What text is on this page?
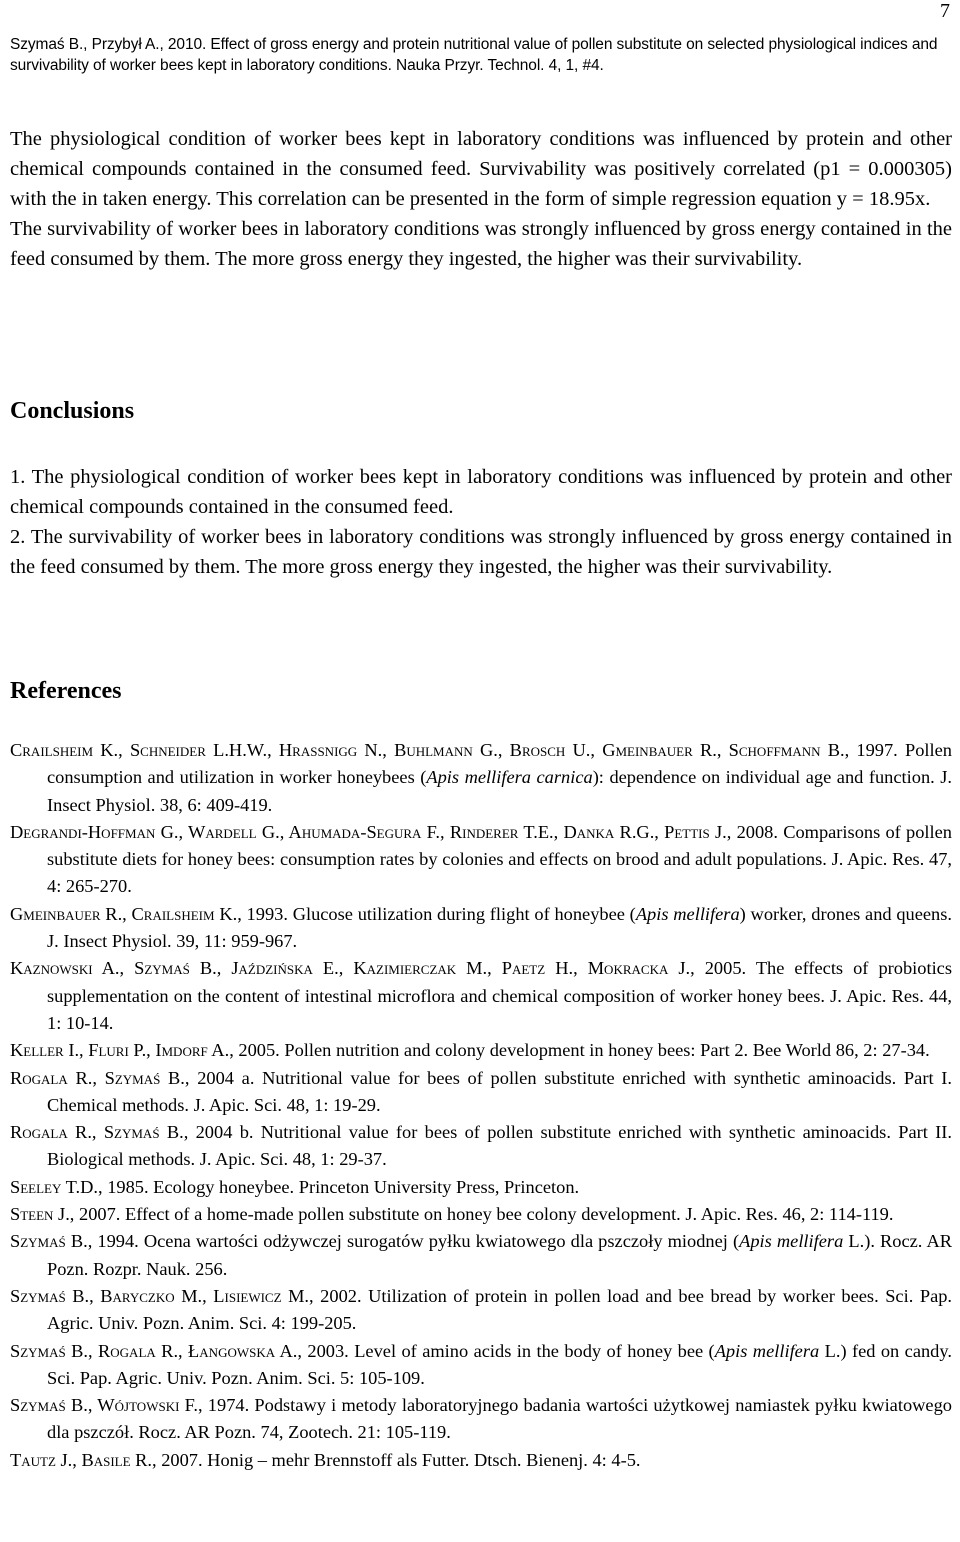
Szymaś B., Przybył A., 2010. Effect of gross energy and protein nutritional value of pollen substitute on selected physiological indices and survivability of worker bees kept in laboratory conditions. Nauka Przyr. Technol. 4, 1, #4.
7

The physiological condition of worker bees kept in laboratory conditions was influenced by protein and other chemical compounds contained in the consumed feed. Survivability was positively correlated (p1 = 0.000305) with the in taken energy. This correlation can be presented in the form of simple regression equation y = 18.95x.

The survivability of worker bees in laboratory conditions was strongly influenced by gross energy contained in the feed consumed by them. The more gross energy they ingested, the higher was their survivability.

Conclusions

1. The physiological condition of worker bees kept in laboratory conditions was influenced by protein and other chemical compounds contained in the consumed feed.

2. The survivability of worker bees in laboratory conditions was strongly influenced by gross energy contained in the feed consumed by them. The more gross energy they ingested, the higher was their survivability.

References
Crailsheim K., Schneider L.H.W., Hrassnigg N., Buhlmann G., Brosch U., Gmeinbauer R., Schoffmann B., 1997. Pollen consumption and utilization in worker honeybees (Apis mellifera carnica): dependence on individual age and function. J. Insect Physiol. 38, 6: 409-419.
Degrandi-Hoffman G., Wardell G., Ahumada-Segura F., Rinderer T.E., Danka R.G., Pettis J., 2008. Comparisons of pollen substitute diets for honey bees: consumption rates by colonies and effects on brood and adult populations. J. Apic. Res. 47, 4: 265-270.
Gmeinbauer R., Crailsheim K., 1993. Glucose utilization during flight of honeybee (Apis mellifera) worker, drones and queens. J. Insect Physiol. 39, 11: 959-967.
Kaznowski A., Szymaś B., Jaździńska E., Kazimierczak M., Paetz H., Mokracka J., 2005. The effects of probiotics supplementation on the content of intestinal microflora and chemical composition of worker honey bees. J. Apic. Res. 44, 1: 10-14.
Keller I., Fluri P., Imdorf A., 2005. Pollen nutrition and colony development in honey bees: Part 2. Bee World 86, 2: 27-34.
Rogala R., Szymaś B., 2004 a. Nutritional value for bees of pollen substitute enriched with synthetic aminoacids. Part I. Chemical methods. J. Apic. Sci. 48, 1: 19-29.
Rogala R., Szymaś B., 2004 b. Nutritional value for bees of pollen substitute enriched with synthetic aminoacids. Part II. Biological methods. J. Apic. Sci. 48, 1: 29-37.
Seeley T.D., 1985. Ecology honeybee. Princeton University Press, Princeton.
Steen J., 2007. Effect of a home-made pollen substitute on honey bee colony development. J. Apic. Res. 46, 2: 114-119.
Szymaś B., 1994. Ocena wartości odżywczej surogatów pyłku kwiatowego dla pszczoły miodnej (Apis mellifera L.). Rocz. AR Pozn. Rozpr. Nauk. 256.
Szymaś B., Baryczko M., Lisiewicz M., 2002. Utilization of protein in pollen load and bee bread by worker bees. Sci. Pap. Agric. Univ. Pozn. Anim. Sci. 4: 199-205.
Szymaś B., Rogala R., Łangowska A., 2003. Level of amino acids in the body of honey bee (Apis mellifera L.) fed on candy. Sci. Pap. Agric. Univ. Pozn. Anim. Sci. 5: 105-109.
Szymaś B., Wójtowski F., 1974. Podstawy i metody laboratoryjnego badania wartości użytkowej namiastek pyłku kwiatowego dla pszczół. Rocz. AR Pozn. 74, Zootech. 21: 105-119.
Tautz J., Basile R., 2007. Honig – mehr Brennstoff als Futter. Dtsch. Bienenj. 4: 4-5.
